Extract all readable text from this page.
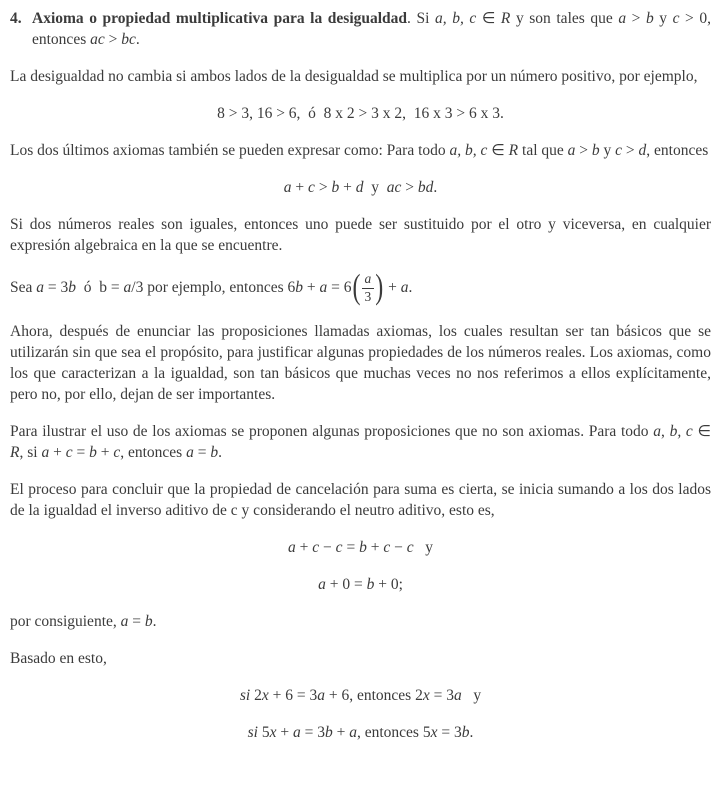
4. Axioma o propiedad multiplicativa para la desigualdad. Si a, b, c ∈ R y son tales que a > b y c > 0, entonces ac > bc.

La desigualdad no cambia si ambos lados de la desigualdad se multiplica por un número positivo, por ejemplo,

8 > 3, 16 > 6,  ó  8 x 2 > 3 x 2,  16 x 3 > 6 x 3.

Los dos últimos axiomas también se pueden expresar como: Para todo a, b, c ∈ R tal que a > b y c > d, entonces

a + c > b + d  y  ac > bd.

Si dos números reales son iguales, entonces uno puede ser sustituido por el otro y viceversa, en cualquier expresión algebraica en la que se encuentre.

Sea a = 3b  ó  b = a/3 por ejemplo, entonces 6b + a = 6 ( $\frac{a}{3}$ ) + a.

Ahora, después de enunciar las proposiciones llamadas axiomas, los cuales resultan ser tan básicos que se utilizarán sin que sea el propósito, para justificar algunas propiedades de los números reales. Los axiomas, como los que caracterizan a la igualdad, son tan básicos que muchas veces no nos referimos a ellos explícitamente, pero no, por ello, dejan de ser importantes.

Para ilustrar el uso de los axiomas se proponen algunas proposiciones que no son axiomas. Para todo a, b, c ∈ R, si a + c = b + c, entonces a = b.

El proceso para concluir que la propiedad de cancelación para suma es cierta, se inicia sumando a los dos lados de la igualdad el inverso aditivo de c y considerando el neutro aditivo, esto es,

a + c − c = b + c − c   y

a + 0 = b + 0;

por consiguiente, a = b.

Basado en esto,

si 2x + 6 = 3a + 6, entonces 2x = 3a   y

si 5x + a = 3b + a, entonces 5x = 3b.
